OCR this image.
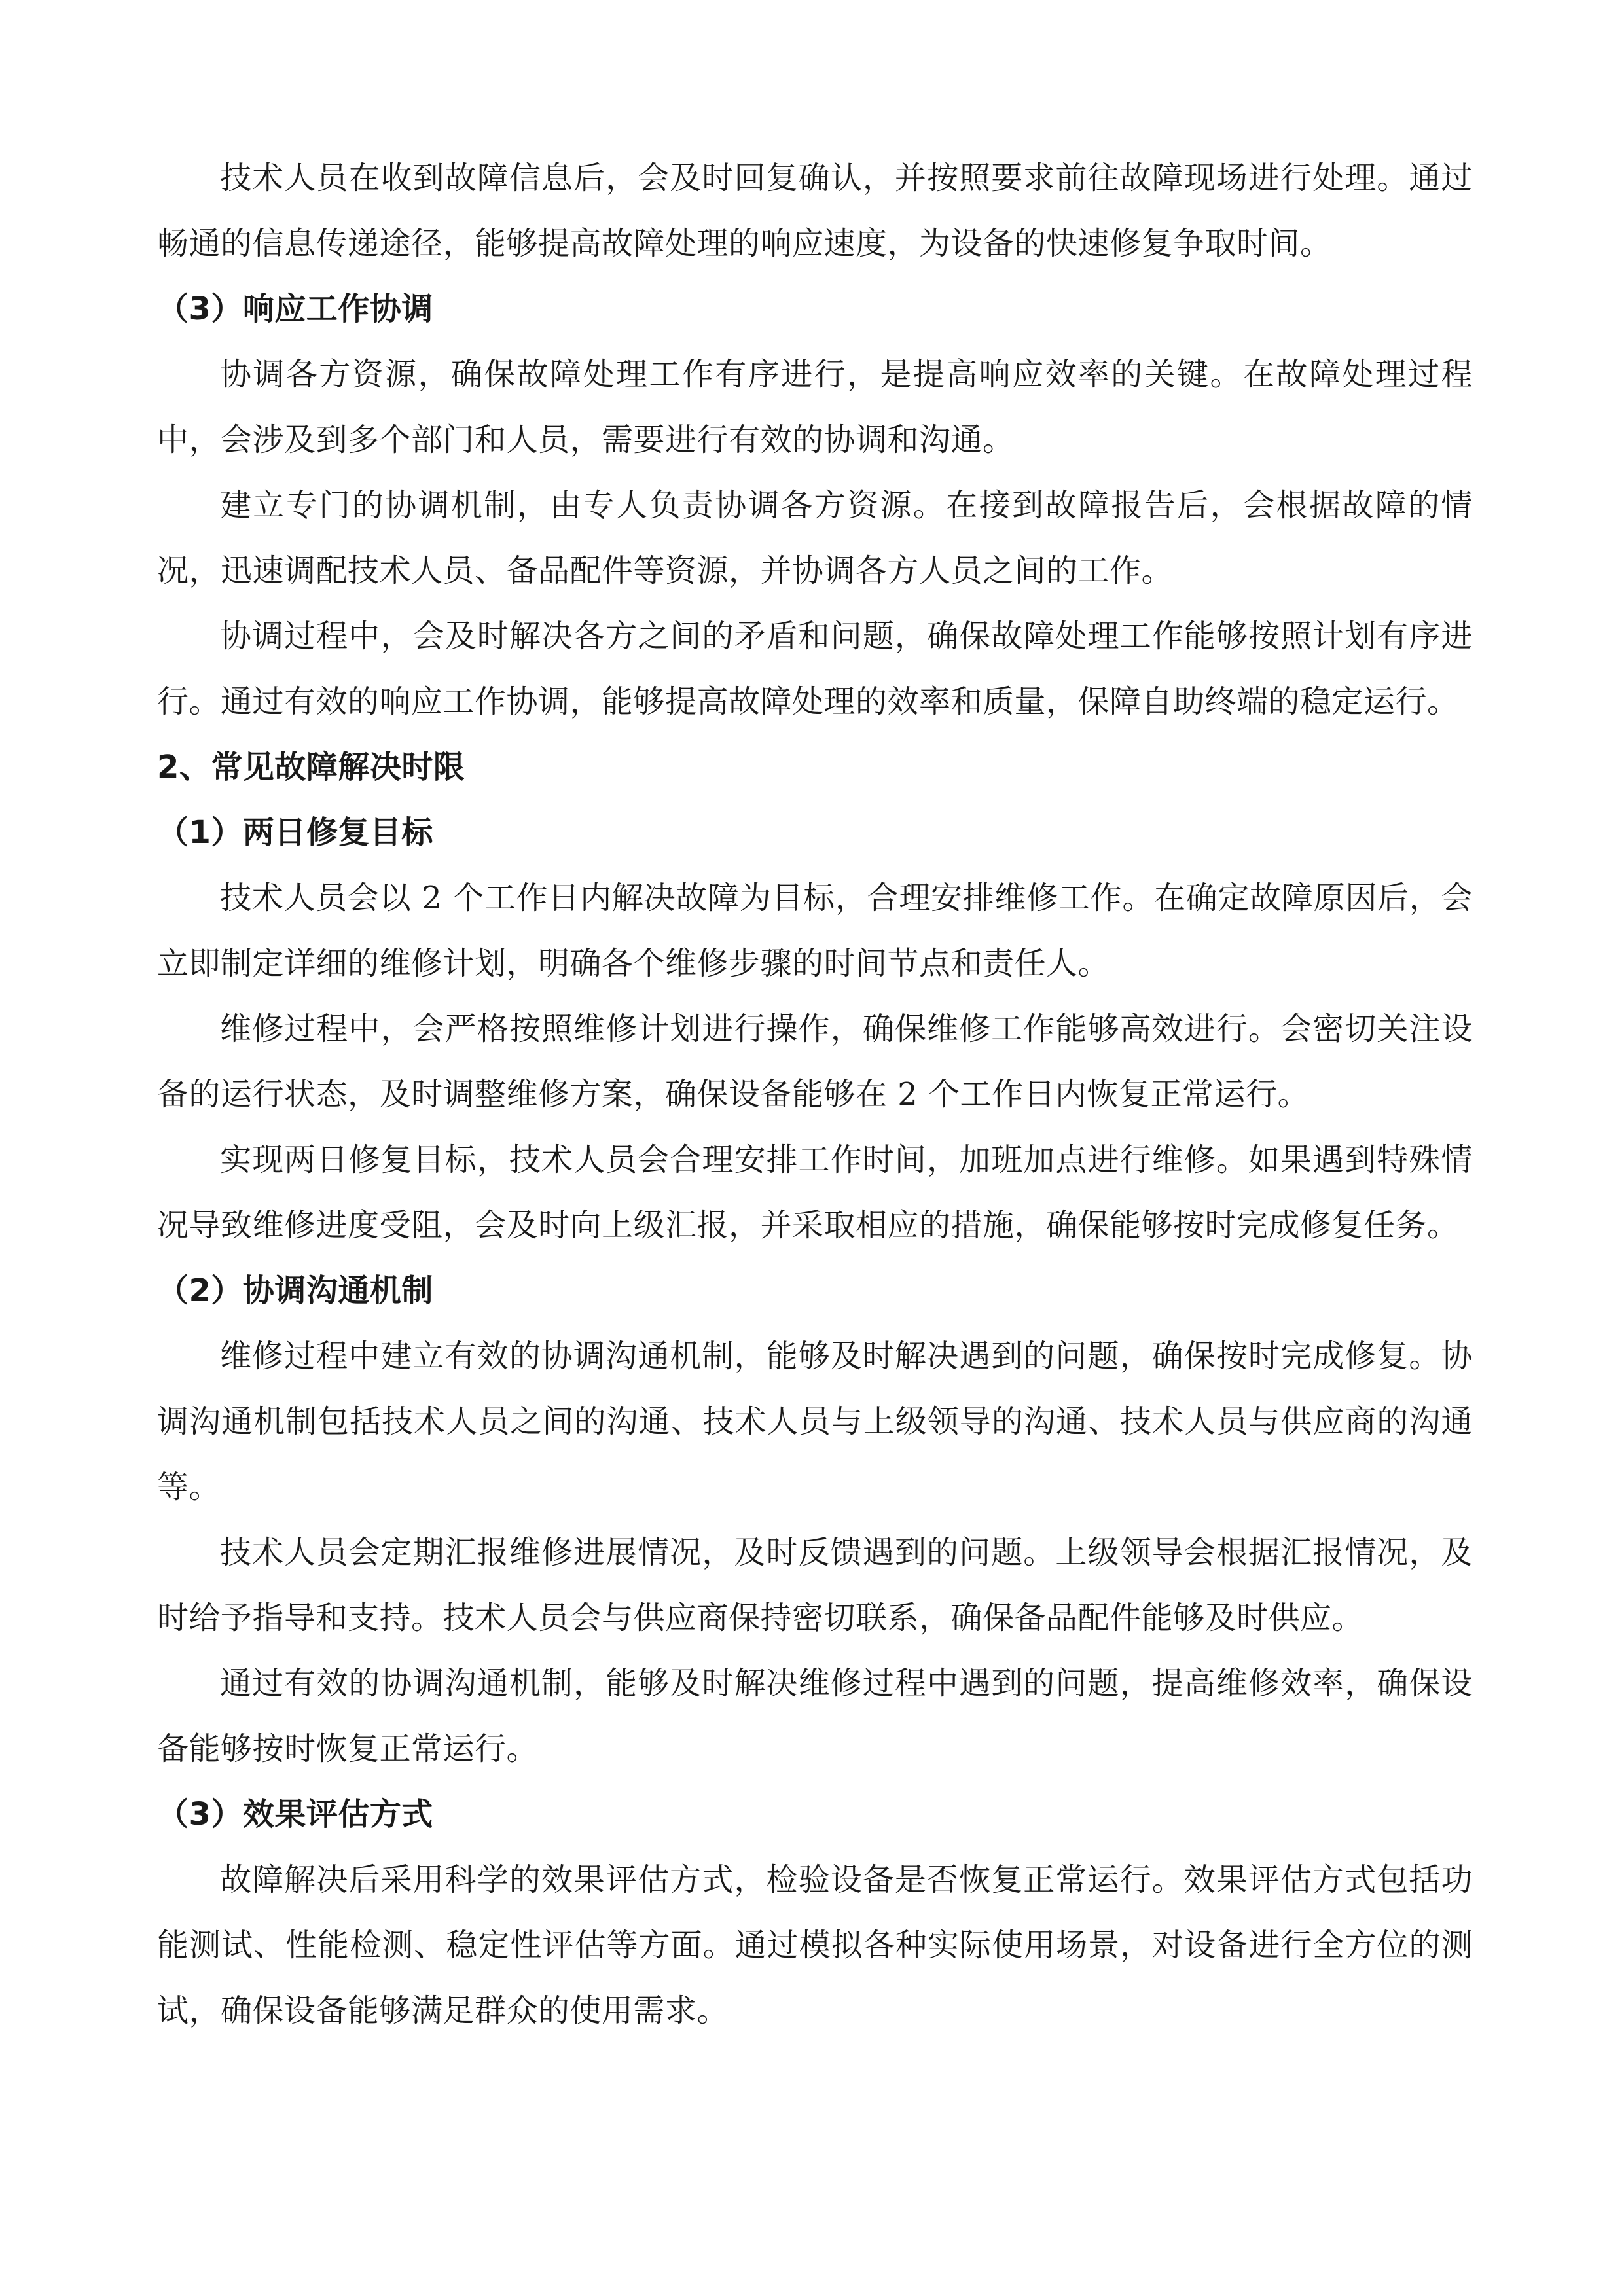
技术人员在收到故障信息后，会及时回复确认，并按照要求前往故障现场进行处理。通过畅通的信息传递途径，能够提高故障处理的响应速度，为设备的快速修复争取时间。

（3）响应工作协调

协调各方资源，确保故障处理工作有序进行，是提高响应效率的关键。在故障处理过程中，会涉及到多个部门和人员，需要进行有效的协调和沟通。

建立专门的协调机制，由专人负责协调各方资源。在接到故障报告后，会根据故障的情况，迅速调配技术人员、备品配件等资源，并协调各方人员之间的工作。

协调过程中，会及时解决各方之间的矛盾和问题，确保故障处理工作能够按照计划有序进行。通过有效的响应工作协调，能够提高故障处理的效率和质量，保障自助终端的稳定运行。

2、常见故障解决时限

（1）两日修复目标

技术人员会以 2 个工作日内解决故障为目标，合理安排维修工作。在确定故障原因后，会立即制定详细的维修计划，明确各个维修步骤的时间节点和责任人。

维修过程中，会严格按照维修计划进行操作，确保维修工作能够高效进行。会密切关注设备的运行状态，及时调整维修方案，确保设备能够在 2 个工作日内恢复正常运行。

实现两日修复目标，技术人员会合理安排工作时间，加班加点进行维修。如果遇到特殊情况导致维修进度受阻，会及时向上级汇报，并采取相应的措施，确保能够按时完成修复任务。

（2）协调沟通机制

维修过程中建立有效的协调沟通机制，能够及时解决遇到的问题，确保按时完成修复。协调沟通机制包括技术人员之间的沟通、技术人员与上级领导的沟通、技术人员与供应商的沟通等。

技术人员会定期汇报维修进展情况，及时反馈遇到的问题。上级领导会根据汇报情况，及时给予指导和支持。技术人员会与供应商保持密切联系，确保备品配件能够及时供应。

通过有效的协调沟通机制，能够及时解决维修过程中遇到的问题，提高维修效率，确保设备能够按时恢复正常运行。

（3）效果评估方式

故障解决后采用科学的效果评估方式，检验设备是否恢复正常运行。效果评估方式包括功能测试、性能检测、稳定性评估等方面。通过模拟各种实际使用场景，对设备进行全方位的测试，确保设备能够满足群众的使用需求。
